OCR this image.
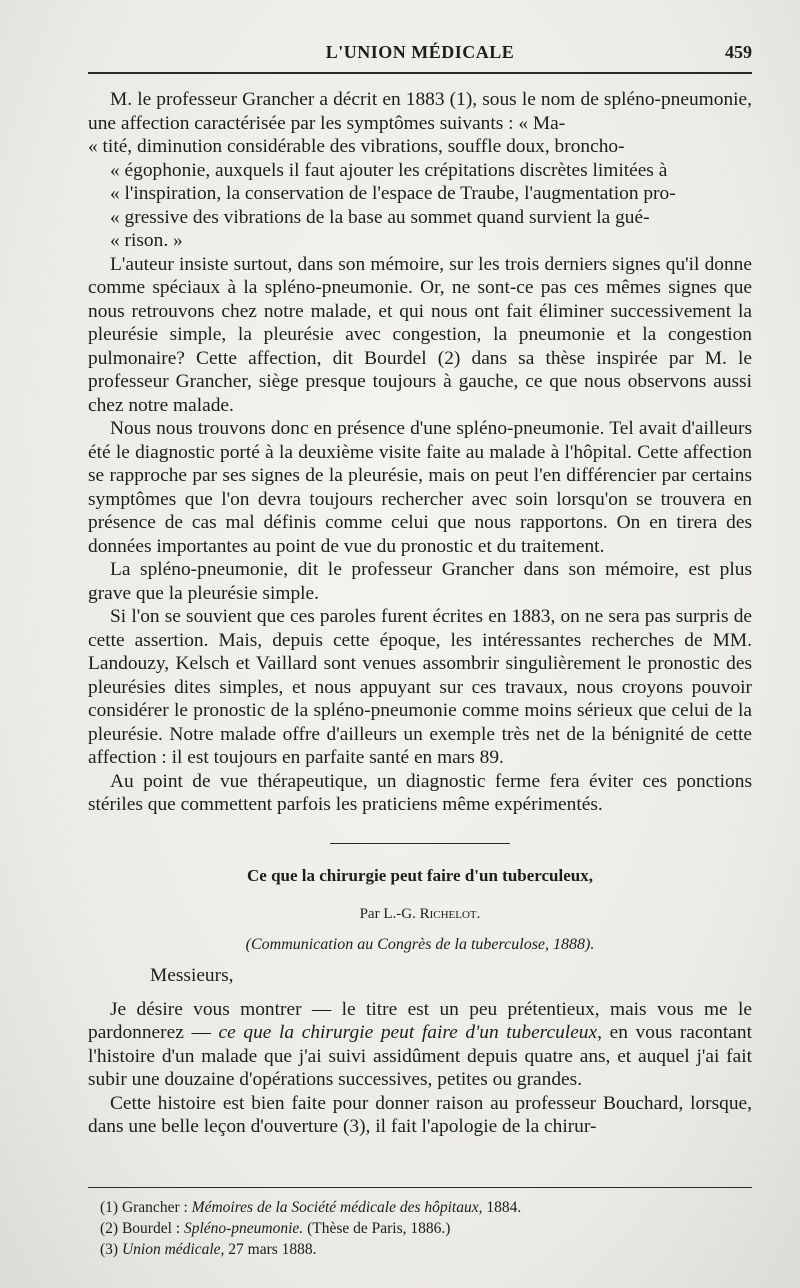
L'UNION MÉDICALE	459

M. le professeur Grancher a décrit en 1883 (1), sous le nom de spléno-pneumonie, une affection caractérisée par les symptômes suivants : « Ma-
« tité, diminution considérable des vibrations, souffle doux, broncho-
« égophonie, auxquels il faut ajouter les crépitations discrètes limitées à
« l'inspiration, la conservation de l'espace de Traube, l'augmentation pro-
« gressive des vibrations de la base au sommet quand survient la gué-
« rison. »

L'auteur insiste surtout, dans son mémoire, sur les trois derniers signes qu'il donne comme spéciaux à la spléno-pneumonie. Or, ne sont-ce pas ces mêmes signes que nous retrouvons chez notre malade, et qui nous ont fait éliminer successivement la pleurésie simple, la pleurésie avec congestion, la pneumonie et la congestion pulmonaire? Cette affection, dit Bourdel (2) dans sa thèse inspirée par M. le professeur Grancher, siège presque toujours à gauche, ce que nous observons aussi chez notre malade.

Nous nous trouvons donc en présence d'une spléno-pneumonie. Tel avait d'ailleurs été le diagnostic porté à la deuxième visite faite au malade à l'hôpital. Cette affection se rapproche par ses signes de la pleurésie, mais on peut l'en différencier par certains symptômes que l'on devra toujours rechercher avec soin lorsqu'on se trouvera en présence de cas mal définis comme celui que nous rapportons. On en tirera des données importantes au point de vue du pronostic et du traitement.

La spléno-pneumonie, dit le professeur Grancher dans son mémoire, est plus grave que la pleurésie simple.

Si l'on se souvient que ces paroles furent écrites en 1883, on ne sera pas surpris de cette assertion. Mais, depuis cette époque, les intéressantes recherches de MM. Landouzy, Kelsch et Vaillard sont venues assombrir singulièrement le pronostic des pleurésies dites simples, et nous appuyant sur ces travaux, nous croyons pouvoir considérer le pronostic de la spléno-pneumonie comme moins sérieux que celui de la pleurésie. Notre malade offre d'ailleurs un exemple très net de la bénignité de cette affection : il est toujours en parfaite santé en mars 89.

Au point de vue thérapeutique, un diagnostic ferme fera éviter ces ponctions stériles que commettent parfois les praticiens même expérimentés.

Ce que la chirurgie peut faire d'un tuberculeux,
Par L.-G. Richelot.
(Communication au Congrès de la tuberculose, 1888).

Messieurs,

Je désire vous montrer — le titre est un peu prétentieux, mais vous me le pardonnerez — ce que la chirurgie peut faire d'un tuberculeux, en vous racontant l'histoire d'un malade que j'ai suivi assidûment depuis quatre ans, et auquel j'ai fait subir une douzaine d'opérations successives, petites ou grandes.

Cette histoire est bien faite pour donner raison au professeur Bouchard, lorsque, dans une belle leçon d'ouverture (3), il fait l'apologie de la chirur-

(1) Grancher : Mémoires de la Société médicale des hôpitaux, 1884.
(2) Bourdel : Spléno-pneumonie. (Thèse de Paris, 1886.)
(3) Union médicale, 27 mars 1888.
